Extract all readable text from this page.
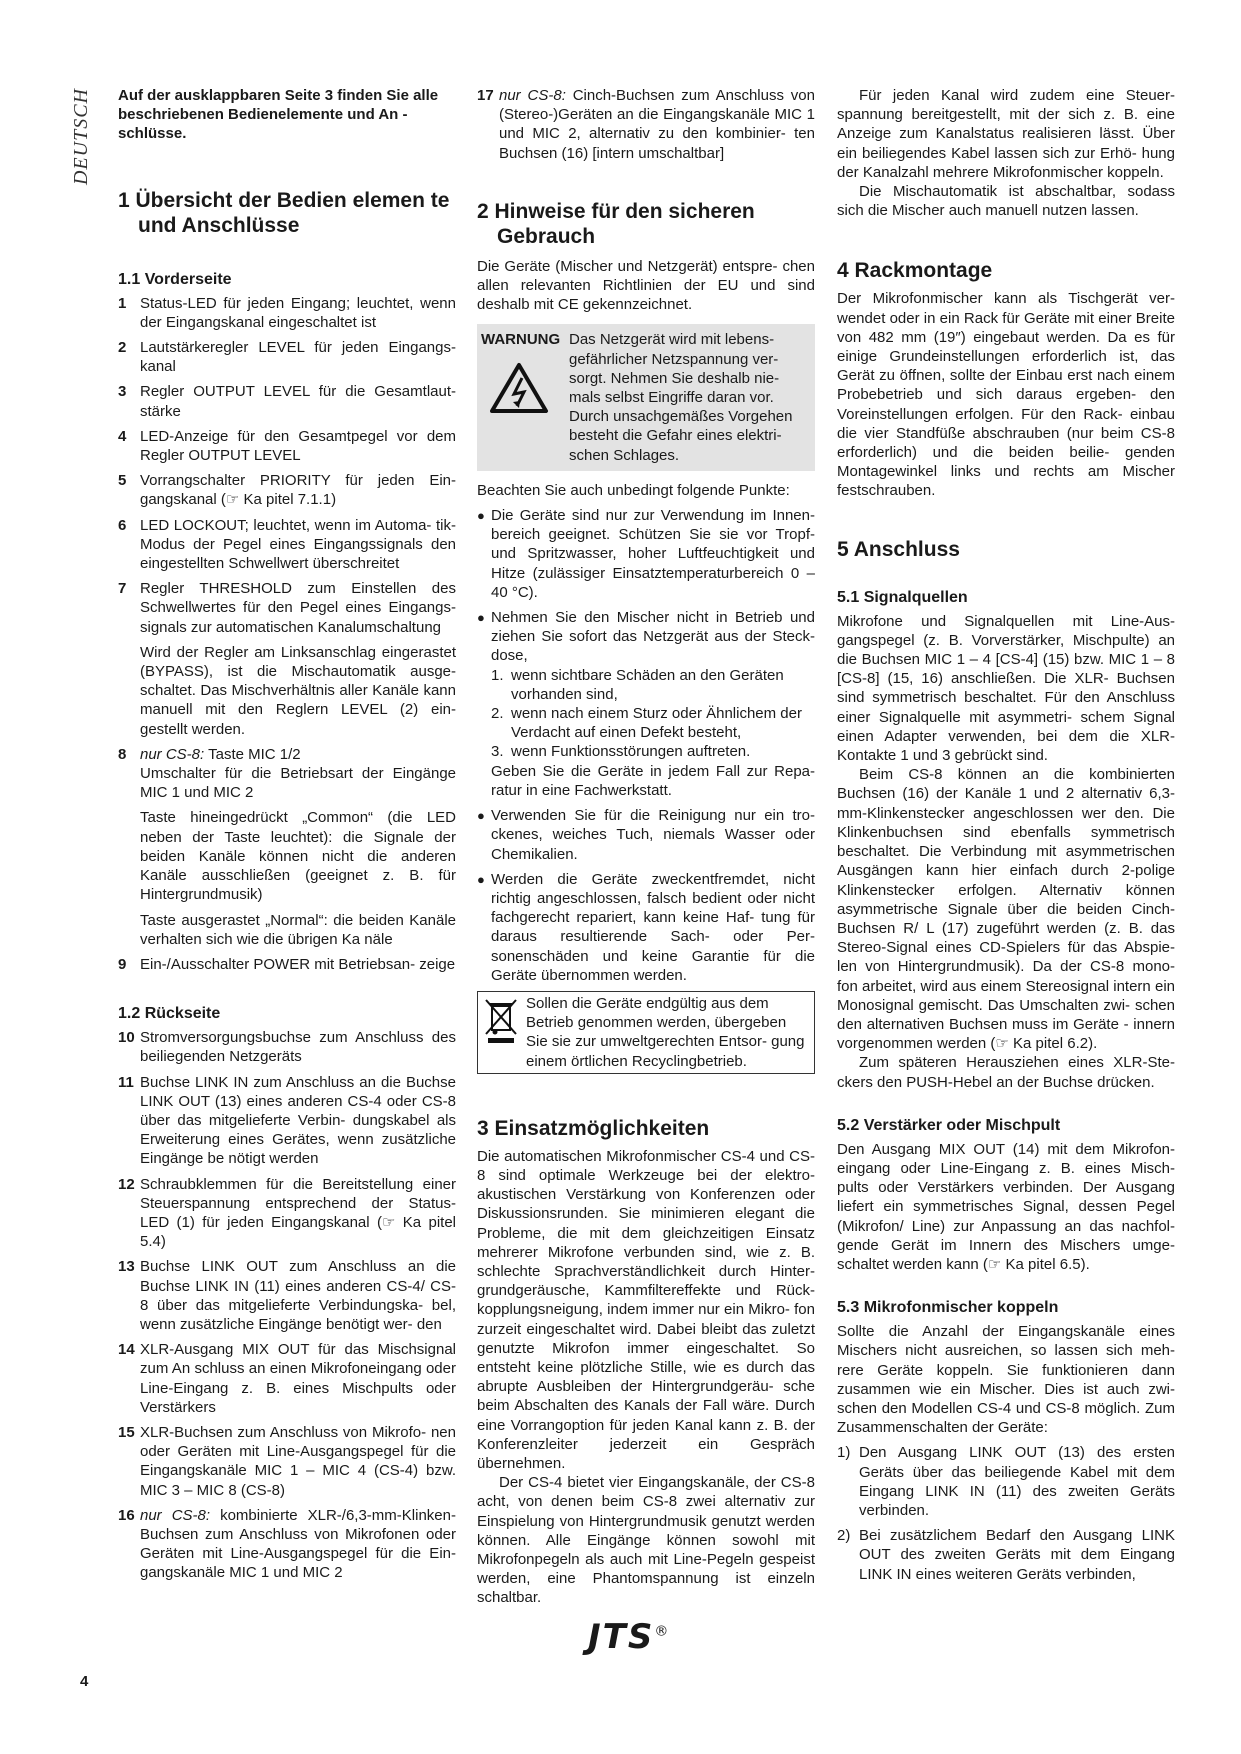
DEUTSCH Auf der ausklappbaren Seite 3 finden Sie alle beschriebenen Bedienelemente und An - schlüsse.

1 Übersicht der Bedien elemen te und Anschlüsse
1.1 Vorderseite
1 Status-LED für jeden Eingang; leuchtet, wenn der Eingangskanal eingeschaltet ist
2 Lautstärkeregler LEVEL für jeden Eingangs- kanal
3 Regler OUTPUT LEVEL für die Gesamtlaut- stärke
4 LED-Anzeige für den Gesamtpegel vor dem Regler OUTPUT LEVEL
5 Vorrangschalter PRIORITY für jeden Ein- gangskanal (☞ Ka pitel 7.1.1)
6 LED LOCKOUT; leuchtet, wenn im Automa- tik-Modus der Pegel eines Eingangssignals den eingestellten Schwellwert überschreitet
7 Regler THRESHOLD zum Einstellen des Schwellwertes für den Pegel eines Eingangs- signals zur automatischen Kanalumschaltung
Wird der Regler am Linksanschlag eingerastet (BYPASS), ist die Mischautomatik ausge- schaltet. Das Mischverhältnis aller Kanäle kann manuell mit den Reglern LEVEL (2) ein- gestellt werden.
8 nur CS-8: Taste MIC 1/2
Umschalter für die Betriebsart der Eingänge MIC 1 und MIC 2
Taste hineingedrückt „Common“ (die LED neben der Taste leuchtet): die Signale der beiden Kanäle können nicht die anderen Kanäle ausschließen (geeignet z. B. für Hintergrundmusik)
Taste ausgerastet „Normal“: die beiden Kanäle verhalten sich wie die übrigen Ka näle
9 Ein-/Ausschalter POWER mit Betriebsan- zeige
1.2 Rückseite
10 Stromversorgungsbuchse zum Anschluss des beiliegenden Netzgeräts
11 Buchse LINK IN zum Anschluss an die Buchse LINK OUT (13) eines anderen CS-4 oder CS-8 über das mitgelieferte Verbin- dungskabel als Erweiterung eines Gerätes, wenn zusätzliche Eingänge be nötigt werden
12 Schraubklemmen für die Bereitstellung einer Steuerspannung entsprechend der Status- LED (1) für jeden Eingangskanal (☞ Ka pitel 5.4)
13 Buchse LINK OUT zum Anschluss an die Buchse LINK IN (11) eines anderen CS-4/ CS-8 über das mitgelieferte Verbindungska- bel, wenn zusätzliche Eingänge benötigt wer- den
14 XLR-Ausgang MIX OUT für das Mischsignal zum An schluss an einen Mikrofoneingang oder Line-Eingang z. B. eines Mischpults oder Verstärkers
15 XLR-Buchsen zum Anschluss von Mikrofo- nen oder Geräten mit Line-Ausgangspegel für die Eingangskanäle MIC 1 – MIC 4 (CS-4) bzw. MIC 3 – MIC 8 (CS-8)
16 nur CS-8: kombinierte XLR-/6,3-mm-Klinken- Buchsen zum Anschluss von Mikrofonen oder Geräten mit Line-Ausgangspegel für die Ein- gangskanäle MIC 1 und MIC 2
17 nur CS-8: Cinch-Buchsen zum Anschluss von (Stereo-)Geräten an die Eingangskanäle MIC 1 und MIC 2, alternativ zu den kombinier- ten Buchsen (16) [intern umschaltbar]
2 Hinweise für den sicheren Gebrauch

Die Geräte (Mischer und Netzgerät) entspre- chen allen relevanten Richtlinien der EU und sind deshalb mit CE gekennzeichnet.

WARNUNG Das Netzgerät wird mit lebens- gefährlicher Netzspannung ver- sorgt. Nehmen Sie deshalb nie- mals selbst Eingriffe daran vor. Durch unsachgemäßes Vorgehen besteht die Gefahr eines elektri- schen Schlages.

Beachten Sie auch unbedingt folgende Punkte:

● Die Geräte sind nur zur Verwendung im Innen- bereich geeignet. Schützen Sie sie vor Tropf- und Spritzwasser, hoher Luftfeuchtigkeit und Hitze (zulässiger Einsatztemperaturbereich 0 – 40 °C).
● Nehmen Sie den Mischer nicht in Betrieb und ziehen Sie sofort das Netzgerät aus der Steck- dose,
1. wenn sichtbare Schäden an den Geräten vorhanden sind,
2. wenn nach einem Sturz oder Ähnlichem der Verdacht auf einen Defekt besteht,
3. wenn Funktionsstörungen auftreten.
Geben Sie die Geräte in jedem Fall zur Repa- ratur in eine Fachwerkstatt.
● Verwenden Sie für die Reinigung nur ein tro- ckenes, weiches Tuch, niemals Wasser oder Chemikalien.
● Werden die Geräte zweckentfremdet, nicht richtig angeschlossen, falsch bedient oder nicht fachgerecht repariert, kann keine Haf- tung für daraus resultierende Sach- oder Per- sonenschäden und keine Garantie für die Geräte übernommen werden.
Sollen die Geräte endgültig aus dem Betrieb genommen werden, übergeben Sie sie zur umweltgerechten Entsor- gung einem örtlichen Recyclingbetrieb.
3 Einsatzmöglichkeiten

Die automatischen Mikrofonmischer CS-4 und CS-8 sind optimale Werkzeuge bei der elektro- akustischen Verstärkung von Konferenzen oder Diskussionsrunden. Sie minimieren elegant die Probleme, die mit dem gleichzeitigen Einsatz mehrerer Mikrofone verbunden sind, wie z. B. schlechte Sprachverständlichkeit durch Hinter- grundgeräusche, Kammfiltereffekte und Rück- kopplungsneigung, indem immer nur ein Mikro- fon zurzeit eingeschaltet wird. Dabei bleibt das zuletzt genutzte Mikrofon immer eingeschaltet. So entsteht keine plötzliche Stille, wie es durch das abrupte Ausbleiben der Hintergrundgeräu- sche beim Abschalten des Kanals der Fall wäre. Durch eine Vorrangoption für jeden Kanal kann z. B. der Konferenzleiter jederzeit ein Gespräch übernehmen.

Der CS-4 bietet vier Eingangskanäle, der CS-8 acht, von denen beim CS-8 zwei alternativ zur Einspielung von Hintergrundmusik genutzt werden können. Alle Eingänge können sowohl mit Mikrofonpegeln als auch mit Line-Pegeln gespeist werden, eine Phantomspannung ist einzeln schaltbar.

Für jeden Kanal wird zudem eine Steuer- spannung bereitgestellt, mit der sich z. B. eine Anzeige zum Kanalstatus realisieren lässt. Über ein beiliegendes Kabel lassen sich zur Erhö- hung der Kanalzahl mehrere Mikrofonmischer koppeln.

Die Mischautomatik ist abschaltbar, sodass sich die Mischer auch manuell nutzen lassen.

4 Rackmontage

Der Mikrofonmischer kann als Tischgerät ver- wendet oder in ein Rack für Geräte mit einer Breite von 482 mm (19″) eingebaut werden. Da es für einige Grundeinstellungen erforderlich ist, das Gerät zu öffnen, sollte der Einbau erst nach einem Probebetrieb und sich daraus ergeben- den Voreinstellungen erfolgen. Für den Rack- einbau die vier Standfüße abschrauben (nur beim CS-8 erforderlich) und die beiden beilie- genden Montagewinkel links und rechts am Mischer festschrauben.

5 Anschluss
5.1 Signalquellen

Mikrofone und Signalquellen mit Line-Aus- gangspegel (z. B. Vorverstärker, Mischpulte) an die Buchsen MIC 1 – 4 [CS-4] (15) bzw. MIC 1 – 8 [CS-8] (15, 16) anschließen. Die XLR- Buchsen sind symmetrisch beschaltet. Für den Anschluss einer Signalquelle mit asymmetri- schem Signal einen Adapter verwenden, bei dem die XLR-Kontakte 1 und 3 gebrückt sind.

Beim CS-8 können an die kombinierten Buchsen (16) der Kanäle 1 und 2 alternativ 6,3-mm-Klinkenstecker angeschlossen wer den. Die Klinkenbuchsen sind ebenfalls symmetrisch beschaltet. Die Verbindung mit asymmetrischen Ausgängen kann hier einfach durch 2-polige Klinkenstecker erfolgen. Alternativ können asymmetrische Signale über die beiden Cinch- Buchsen R/ L (17) zugeführt werden (z. B. das Stereo-Signal eines CD-Spielers für das Abspie- len von Hintergrundmusik). Da der CS-8 mono- fon arbeitet, wird aus einem Stereosignal intern ein Monosignal gemischt. Das Umschalten zwi- schen den alternativen Buchsen muss im Geräte - innern vorgenommen werden (☞ Ka pitel 6.2).

Zum späteren Herausziehen eines XLR-Ste- ckers den PUSH-Hebel an der Buchse drücken.

5.2 Verstärker oder Mischpult

Den Ausgang MIX OUT (14) mit dem Mikrofon- eingang oder Line-Eingang z. B. eines Misch- pults oder Verstärkers verbinden. Der Ausgang liefert ein symmetrisches Signal, dessen Pegel (Mikrofon/ Line) zur Anpassung an das nachfol- gende Gerät im Innern des Mischers umge- schaltet werden kann (☞ Ka pitel 6.5).

5.3 Mikrofonmischer koppeln

Sollte die Anzahl der Eingangskanäle eines Mischers nicht ausreichen, so lassen sich meh- rere Geräte koppeln. Sie funktionieren dann zusammen wie ein Mischer. Dies ist auch zwi- schen den Modellen CS-4 und CS-8 möglich. Zum Zusammenschalten der Geräte:

1) Den Ausgang LINK OUT (13) des ersten Geräts über das beiliegende Kabel mit dem Eingang LINK IN (11) des zweiten Geräts verbinden.
2) Bei zusätzlichem Bedarf den Ausgang LINK OUT des zweiten Geräts mit dem Eingang LINK IN eines weiteren Geräts verbinden,
JTS®
4
